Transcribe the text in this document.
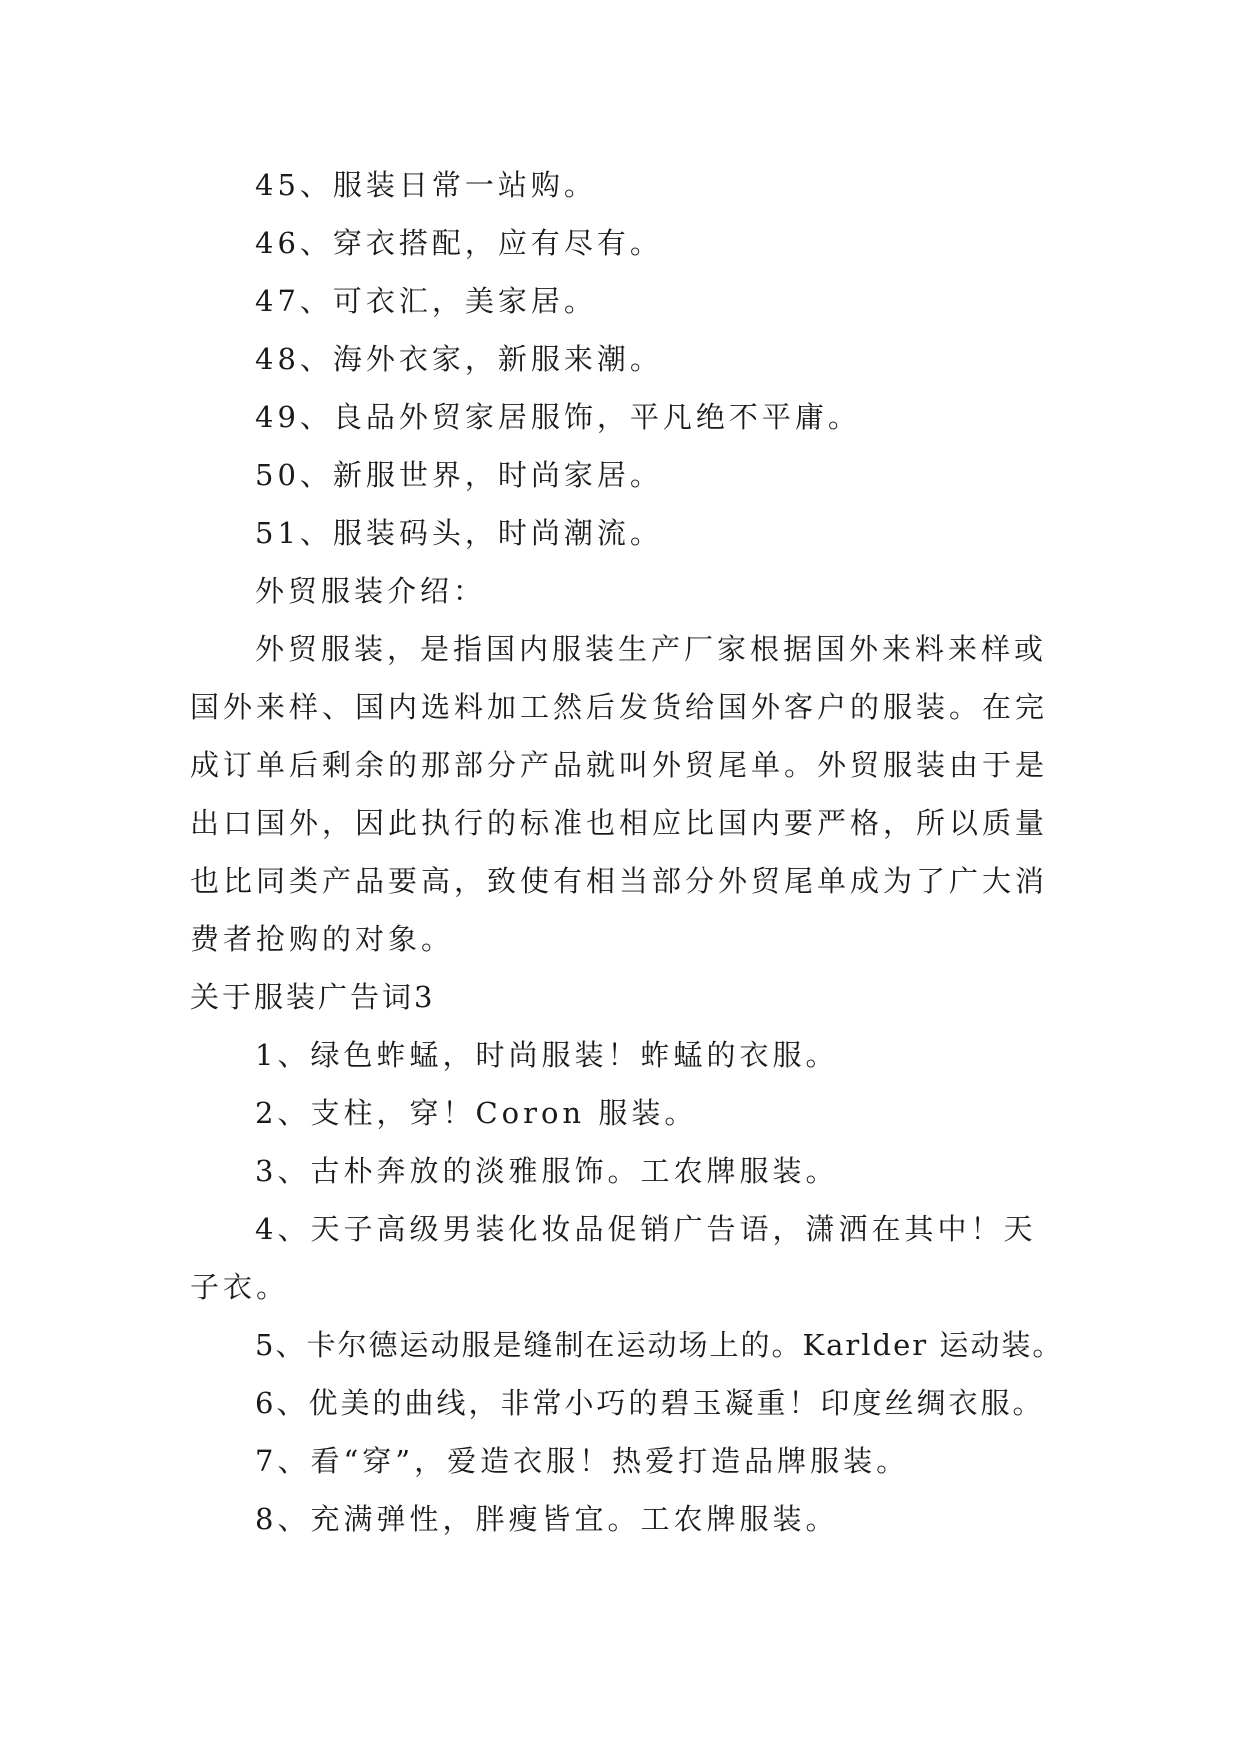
45、服装日常一站购。

46、穿衣搭配，应有尽有。

47、可衣汇，美家居。

48、海外衣家，新服来潮。

49、良品外贸家居服饰，平凡绝不平庸。

50、新服世界，时尚家居。

51、服装码头，时尚潮流。

外贸服装介绍：

外贸服装，是指国内服装生产厂家根据国外来料来样或

国外来样、国内选料加工然后发货给国外客户的服装。在完

成订单后剩余的那部分产品就叫外贸尾单。外贸服装由于是

出口国外，因此执行的标准也相应比国内要严格，所以质量

也比同类产品要高，致使有相当部分外贸尾单成为了广大消

费者抢购的对象。

关于服装广告词3

1、绿色蚱蜢，时尚服装！蚱蜢的衣服。

2、支柱，穿！Coron 服装。

3、古朴奔放的淡雅服饰。工农牌服装。

4、天子高级男装化妆品促销广告语，潇洒在其中！天

子衣。

5、卡尔德运动服是缝制在运动场上的。Karlder 运动装。

6、优美的曲线，非常小巧的碧玉凝重！印度丝绸衣服。

7、看“穿”，爱造衣服！热爱打造品牌服装。

8、充满弹性，胖瘦皆宜。工农牌服装。
